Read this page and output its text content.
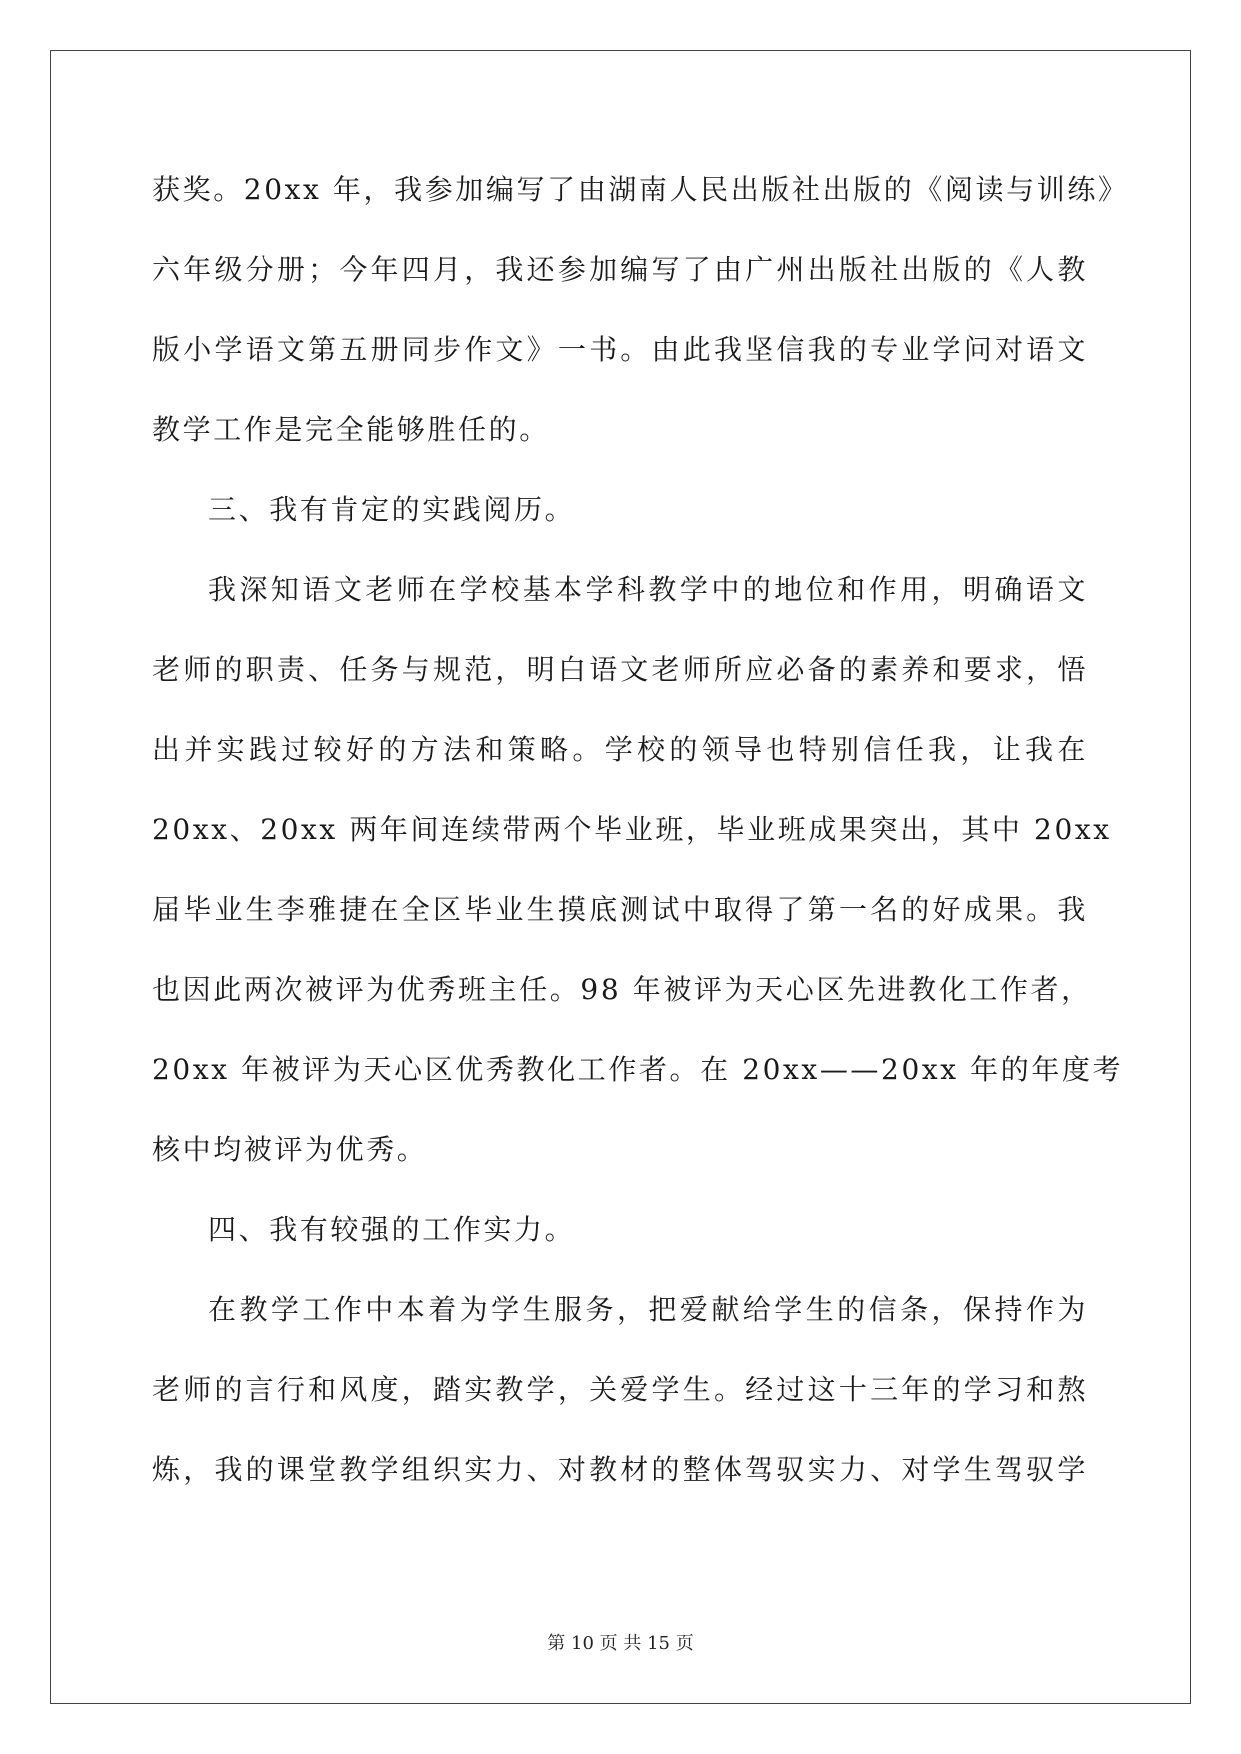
获奖。20xx 年，我参加编写了由湖南人民出版社出版的《阅读与训练》
六年级分册；今年四月，我还参加编写了由广州出版社出版的《人教
版小学语文第五册同步作文》一书。由此我坚信我的专业学问对语文
教学工作是完全能够胜任的。
三、我有肯定的实践阅历。
我深知语文老师在学校基本学科教学中的地位和作用，明确语文
老师的职责、任务与规范，明白语文老师所应必备的素养和要求，悟
出并实践过较好的方法和策略。学校的领导也特别信任我，让我在
20xx、20xx 两年间连续带两个毕业班，毕业班成果突出，其中 20xx
届毕业生李雅捷在全区毕业生摸底测试中取得了第一名的好成果。我
也因此两次被评为优秀班主任。98 年被评为天心区先进教化工作者，
20xx 年被评为天心区优秀教化工作者。在 20xx——20xx 年的年度考
核中均被评为优秀。
四、我有较强的工作实力。
在教学工作中本着为学生服务，把爱献给学生的信条，保持作为
老师的言行和风度，踏实教学，关爱学生。经过这十三年的学习和熬
炼，我的课堂教学组织实力、对教材的整体驾驭实力、对学生驾驭学
第 10 页 共 15 页
